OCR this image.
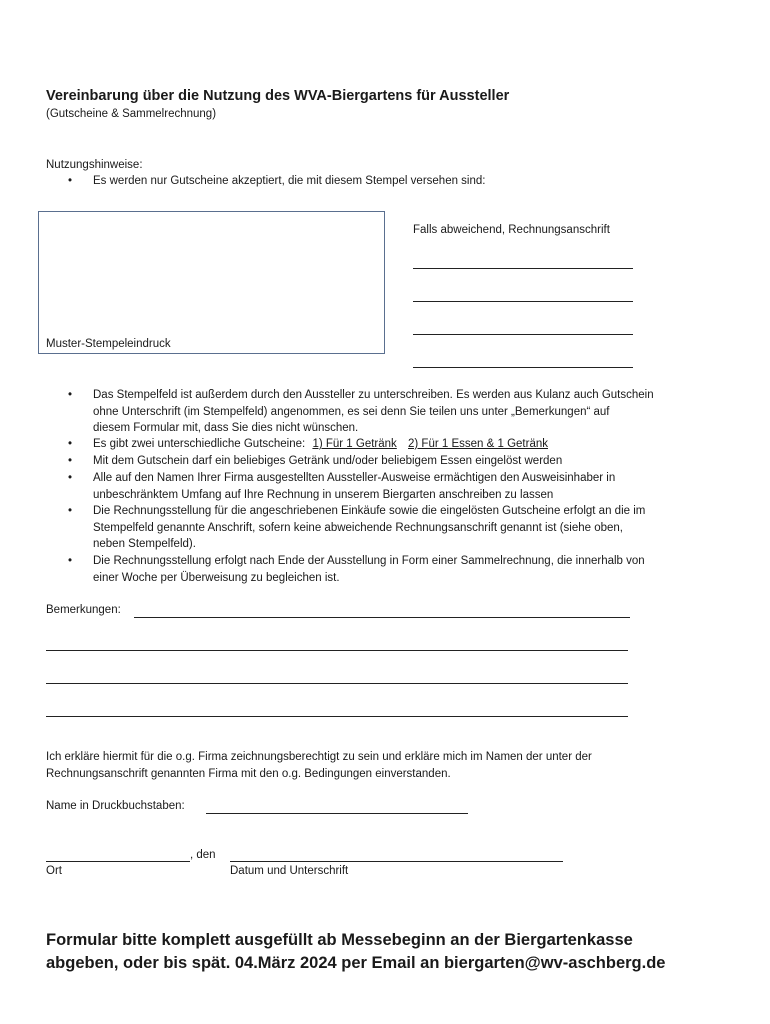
Vereinbarung über die Nutzung des WVA-Biergartens für Aussteller
(Gutscheine & Sammelrechnung)
Nutzungshinweise:
•	Es werden nur Gutscheine akzeptiert, die mit diesem Stempel versehen sind:
Muster-Stempeleindruck
Falls abweichend, Rechnungsanschrift
•	Das Stempelfeld ist außerdem durch den Aussteller zu unterschreiben. Es werden aus Kulanz auch Gutschein
ohne Unterschrift (im Stempelfeld) angenommen, es sei denn Sie teilen uns unter „Bemerkungen“ auf
diesem Formular mit, dass Sie dies nicht wünschen.
•	Es gibt zwei unterschiedliche Gutscheine: 1) Für 1 Getränk 2) Für 1 Essen & 1 Getränk
•	Mit dem Gutschein darf ein beliebiges Getränk und/oder beliebigem Essen eingelöst werden
•	Alle auf den Namen Ihrer Firma ausgestellten Aussteller-Ausweise ermächtigen den Ausweisinhaber in
unbeschränktem Umfang auf Ihre Rechnung in unserem Biergarten anschreiben zu lassen
•	Die Rechnungsstellung für die angeschriebenen Einkäufe sowie die eingelösten Gutscheine erfolgt an die im
Stempelfeld genannte Anschrift, sofern keine abweichende Rechnungsanschrift genannt ist (siehe oben,
neben Stempelfeld).
•	Die Rechnungsstellung erfolgt nach Ende der Ausstellung in Form einer Sammelrechnung, die innerhalb von
einer Woche per Überweisung zu begleichen ist.
Bemerkungen:
Ich erkläre hiermit für die o.g. Firma zeichnungsberechtigt zu sein und erkläre mich im Namen der unter der
Rechnungsanschrift genannten Firma mit den o.g. Bedingungen einverstanden.
Name in Druckbuchstaben:
, den
Ort	Datum und Unterschrift
Formular bitte komplett ausgefüllt ab Messebeginn an der Biergartenkasse
abgeben, oder bis spät. 04.März 2024 per Email an biergarten@wv-aschberg.de
